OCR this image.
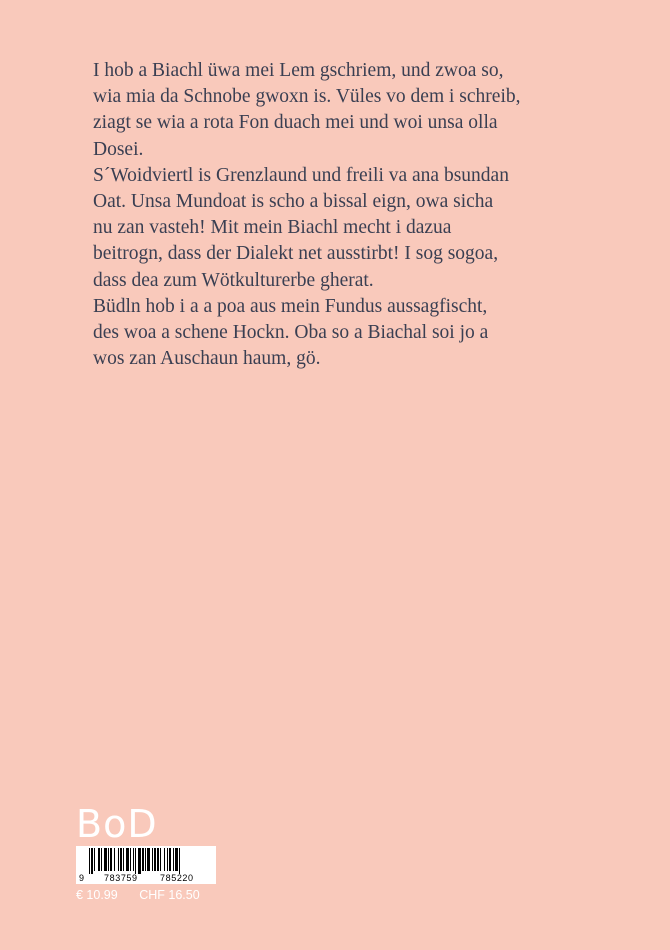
I hob a Biachl üwa mei Lem gschriem, und zwoa so,
wia mia da Schnobe gwoxn is. Vüles vo dem i schreib,
ziagt se wia a rota Fon duach mei und woi unsa olla
Dosei.

S´Woidviertl is Grenzlaund und freili va ana bsundan
Oat. Unsa Mundoat is scho a bissal eign, owa sicha
nu zan vasteh! Mit mein Biachl mecht i dazua
beitrogn, dass der Dialekt net ausstirbt! I sog sogoa,
dass dea zum Wötkulturerbe gherat.

Büdln hob i a a poa aus mein Fundus aussagfischt,
des woa a schene Hockn. Oba so a Biachal soi jo a
wos zan Auschaun haum, gö.

BoD
9 783759 785220
€ 10.99 CHF 16.50
